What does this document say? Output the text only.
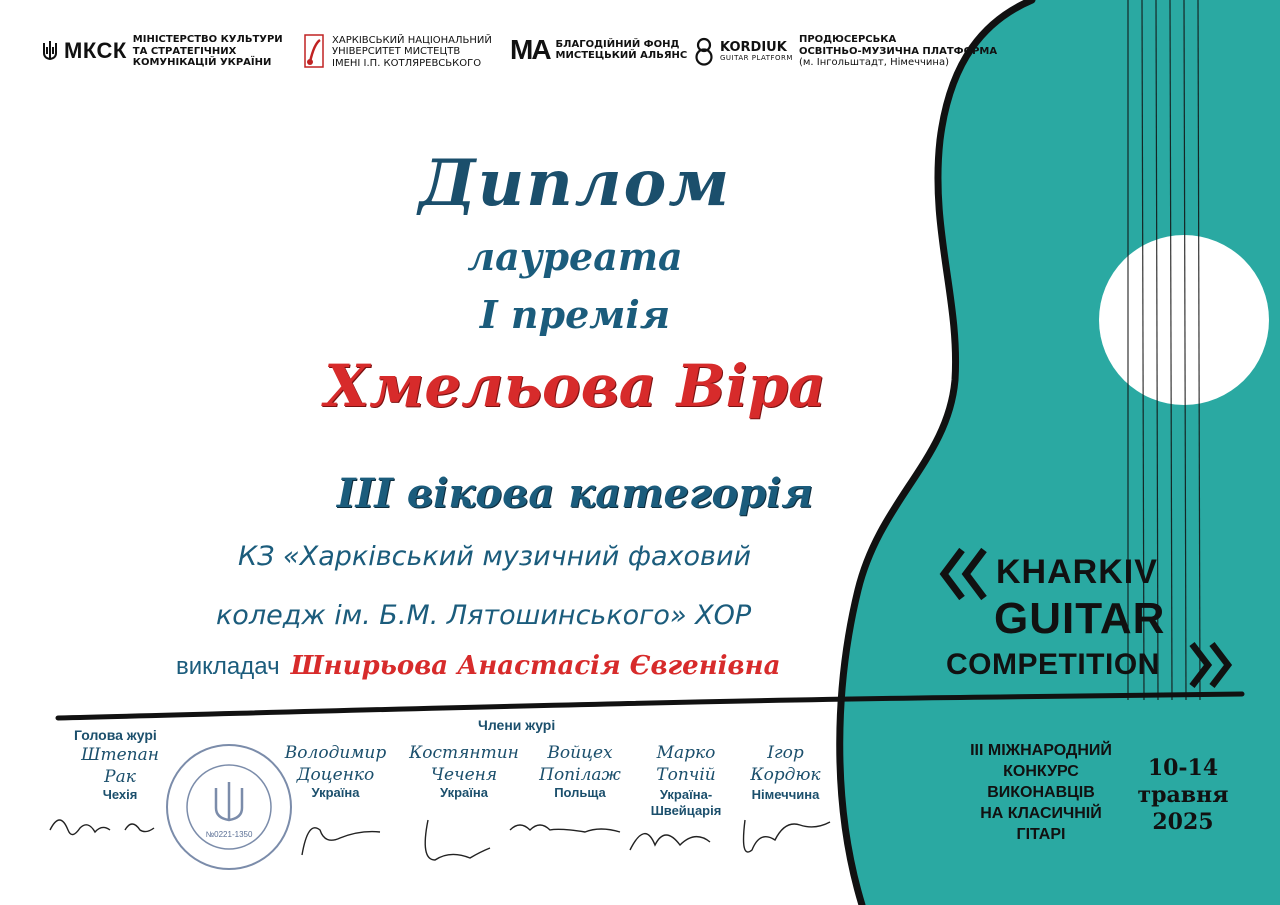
МКСК МІНІСТЕРСТВО КУЛЬТУРИ
ТА СТРАТЕГІЧНИХ
КОМУНІКАЦІЙ УКРАЇНИ
ХАРКІВСЬКИЙ НАЦІОНАЛЬНИЙ
УНІВЕРСИТЕТ МИСТЕЦТВ
ІМЕНІ І.П. КОТЛЯРЕВСЬКОГО	МА БЛАГОДІЙНИЙ ФОНД
МИСТЕЦЬКИЙ АЛЬЯНС
KORDIUK
GUITAR PLATFORM
ПРОДЮСЕРСЬКА
ОСВІТНЬО-МУЗИЧНА ПЛАТФОРМА
(м. Інгольштадт, Німеччина)
Диплом
лауреата
I премія
Хмельова Віра
III вікова категорія
КЗ «Харківський музичний фаховий
коледж ім. Б.М. Лятошинського» ХОР
викладач Шнирьова Анастасія Євгенівна
Члени журі
Голова журі
Штепан
Рак
Чехія
№0221-1350
Володимир
Доценко
Україна
Костянтин
Чеченя
Україна
Войцех
Попілаж
Польща
Марко
Топчій
Україна-
Швейцарія
Ігор
Кордюк
Німеччина
KHARKIV
GUITAR
COMPETITION
III МІЖНАРОДНИЙ
КОНКУРС
ВИКОНАВЦІВ
НА КЛАСИЧНІЙ
ГІТАРІ
10-14
травня
2025
